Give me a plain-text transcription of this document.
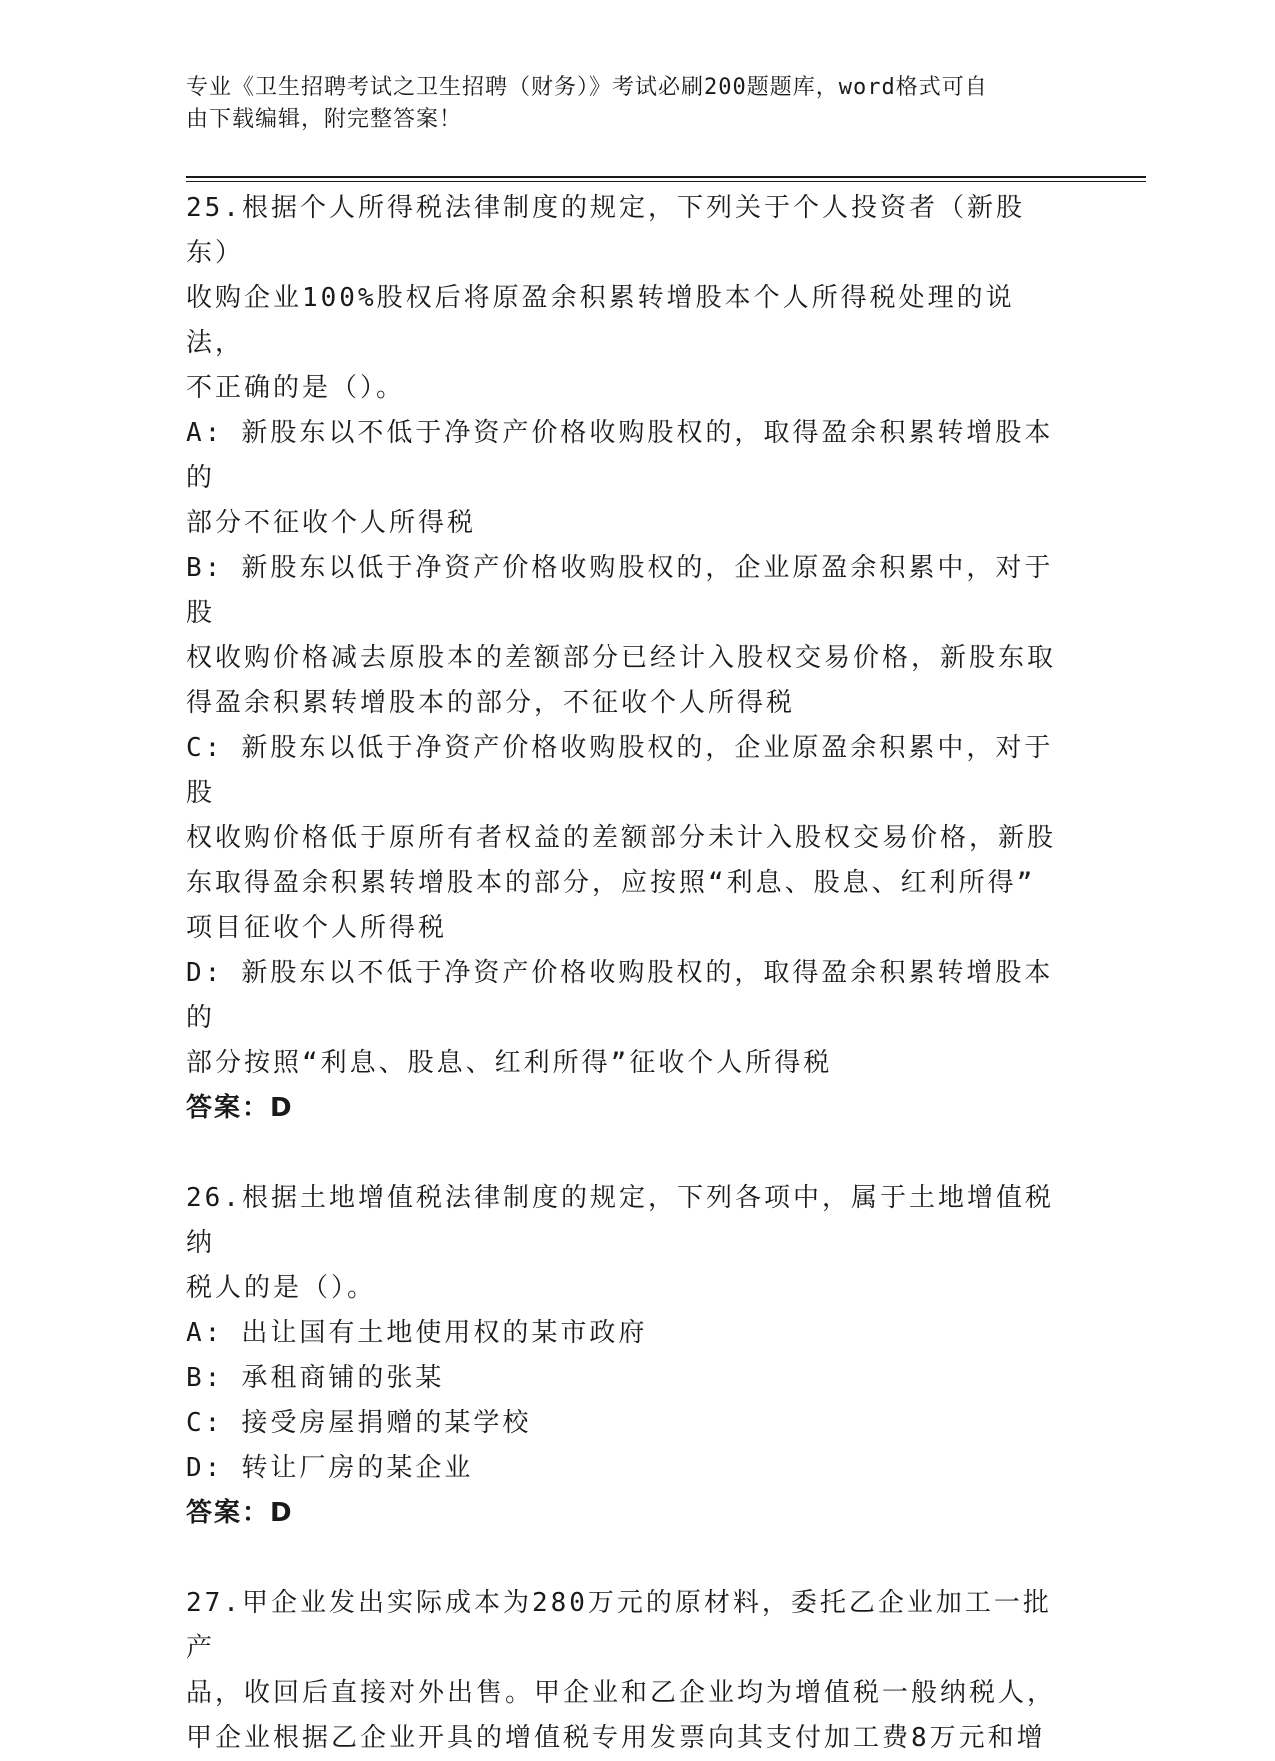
专业《卫生招聘考试之卫生招聘（财务）》考试必刷200题题库，word格式可自
由下载编辑，附完整答案！
25.根据个人所得税法律制度的规定，下列关于个人投资者（新股东）
收购企业100%股权后将原盈余积累转增股本个人所得税处理的说法，
不正确的是（）。
A: 新股东以不低于净资产价格收购股权的，取得盈余积累转增股本的
部分不征收个人所得税
B: 新股东以低于净资产价格收购股权的，企业原盈余积累中，对于股
权收购价格减去原股本的差额部分已经计入股权交易价格，新股东取
得盈余积累转增股本的部分，不征收个人所得税
C: 新股东以低于净资产价格收购股权的，企业原盈余积累中，对于股
权收购价格低于原所有者权益的差额部分未计入股权交易价格，新股
东取得盈余积累转增股本的部分，应按照“利息、股息、红利所得”
项目征收个人所得税
D: 新股东以不低于净资产价格收购股权的，取得盈余积累转增股本的
部分按照“利息、股息、红利所得”征收个人所得税
答案：D
26.根据土地增值税法律制度的规定，下列各项中，属于土地增值税纳
税人的是（）。
A: 出让国有土地使用权的某市政府
B: 承租商铺的张某
C: 接受房屋捐赠的某学校
D: 转让厂房的某企业
答案：D
27.甲企业发出实际成本为280万元的原材料，委托乙企业加工一批产
品，收回后直接对外出售。甲企业和乙企业均为增值税一般纳税人，
甲企业根据乙企业开具的增值税专用发票向其支付加工费8万元和增
